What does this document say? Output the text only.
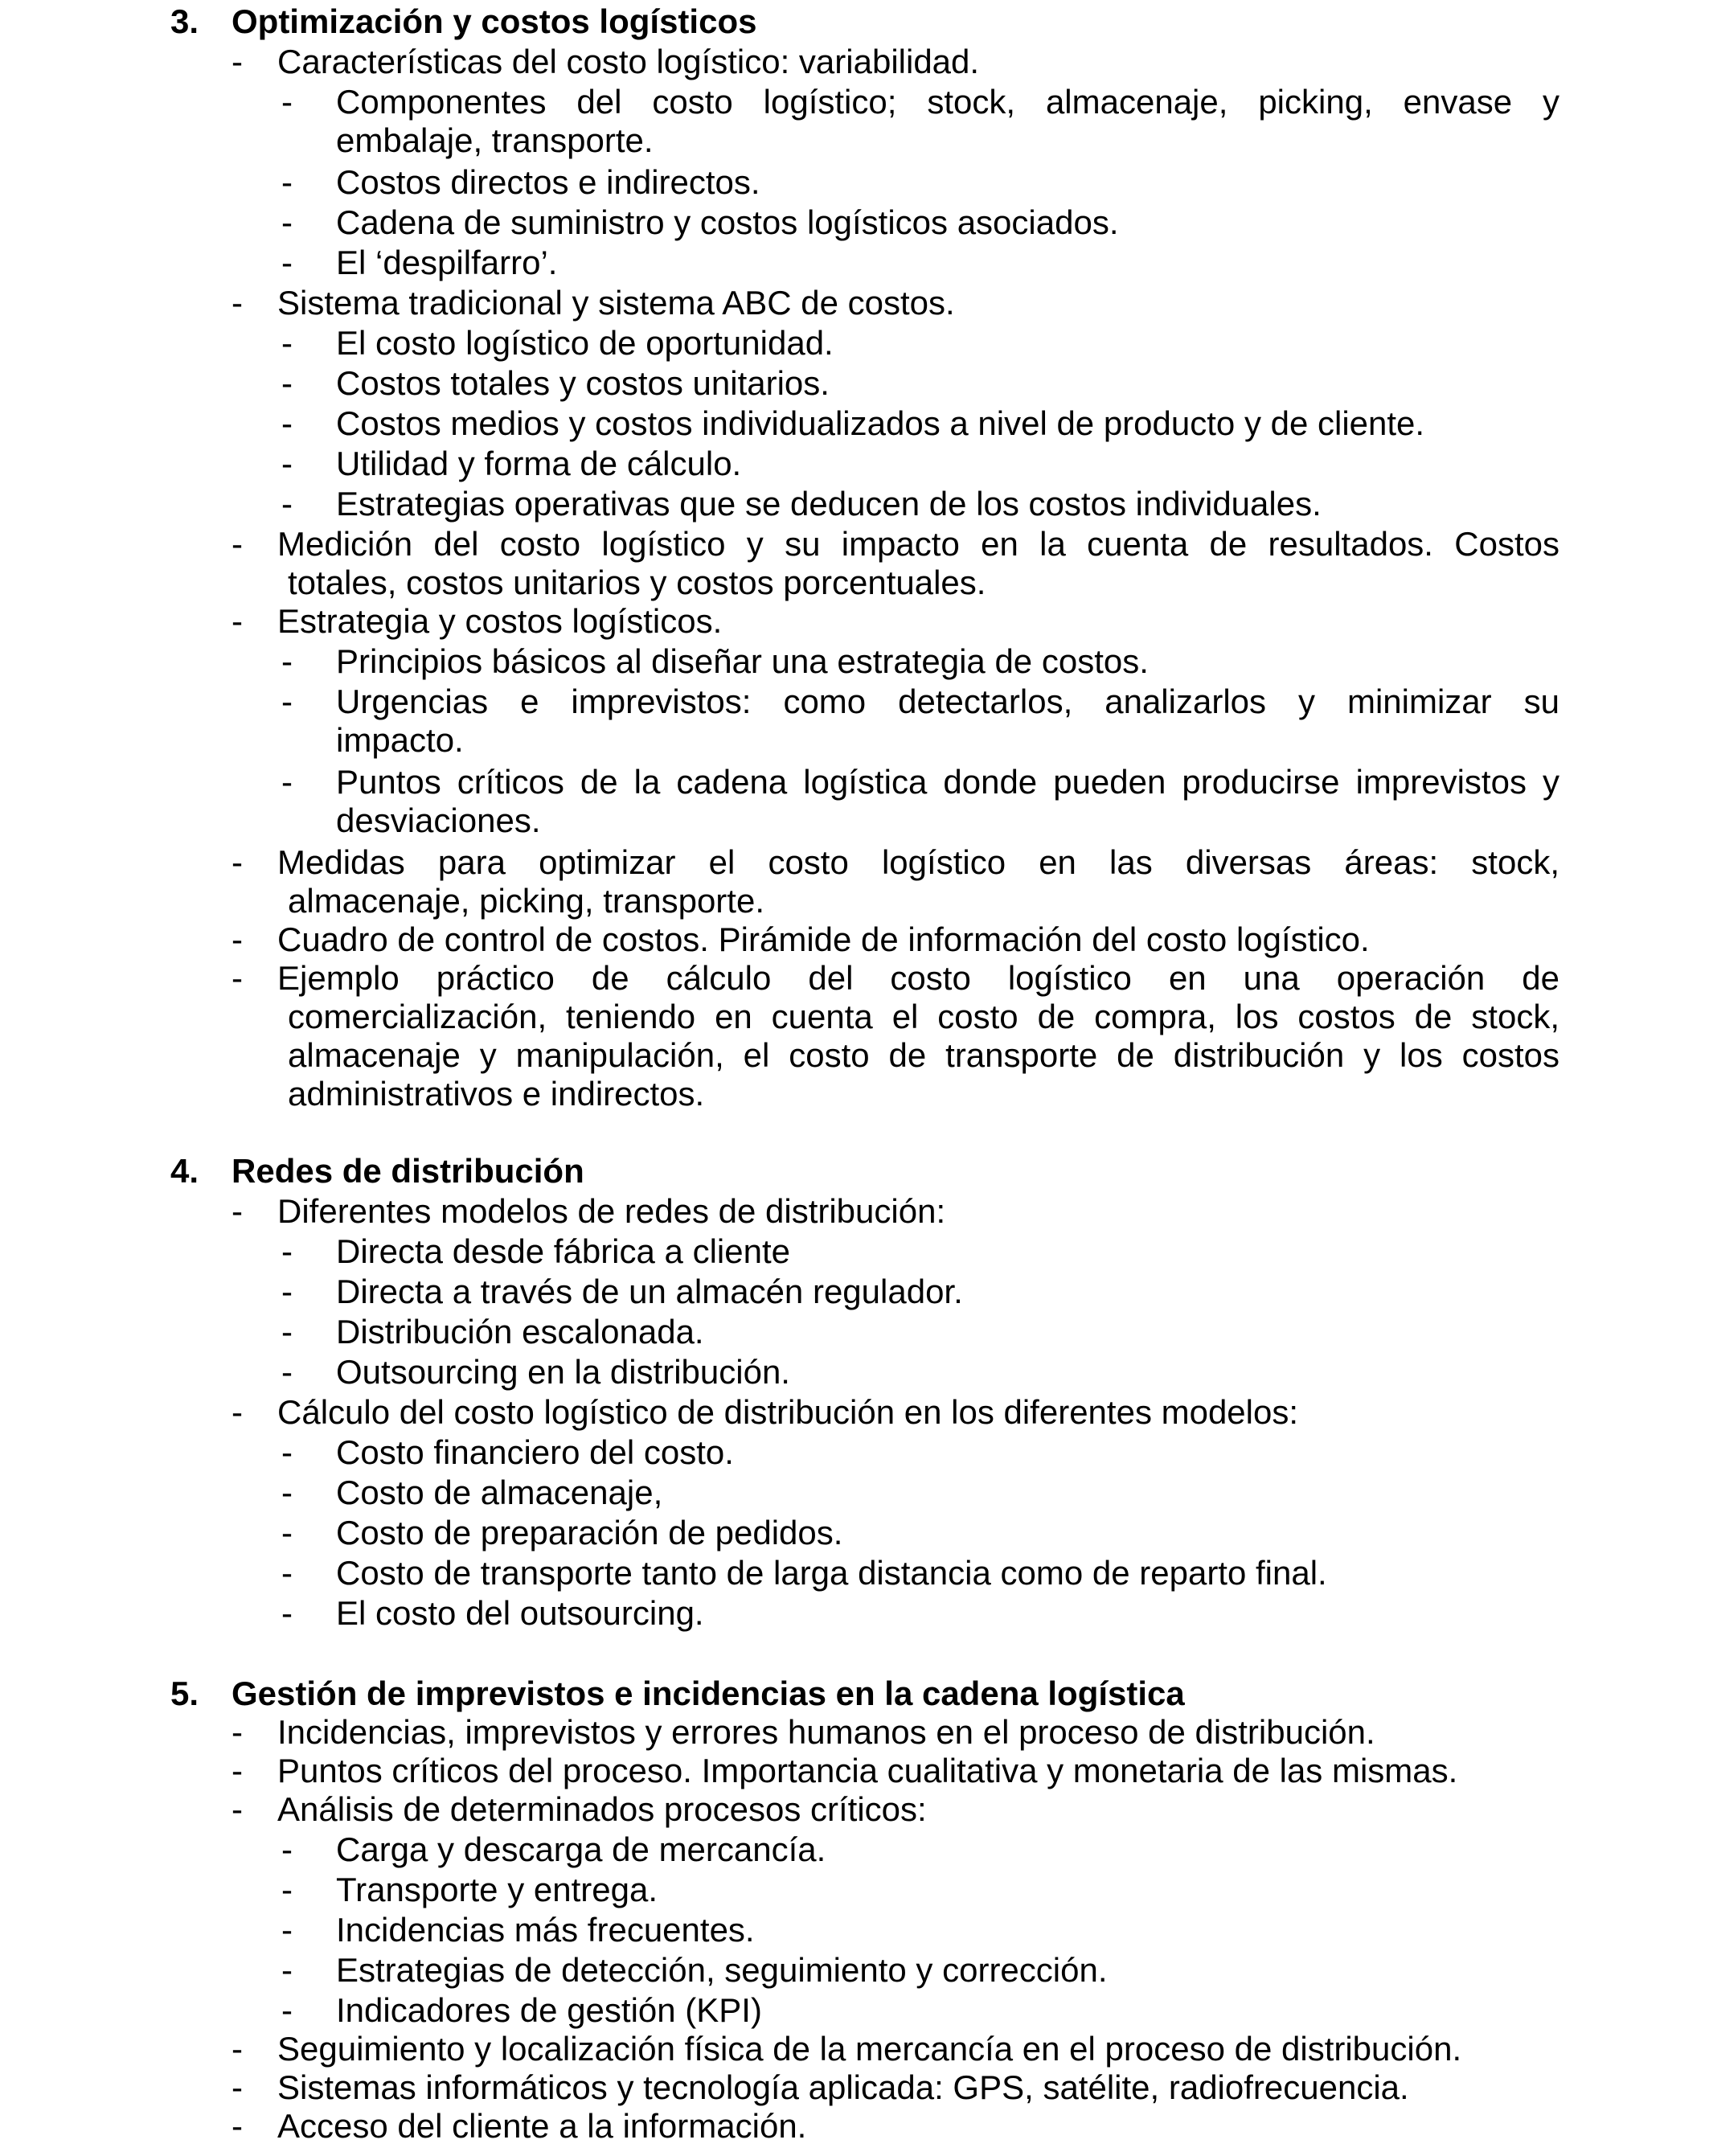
3. Optimización y costos logísticos
- Características del costo logístico: variabilidad.
- Componentes del costo logístico; stock, almacenaje, picking, envase y
embalaje, transporte.
- Costos directos e indirectos.
- Cadena de suministro y costos logísticos asociados.
- El ‘despilfarro’.
- Sistema tradicional y sistema ABC de costos.
- El costo logístico de oportunidad.
- Costos totales y costos unitarios.
- Costos medios y costos individualizados a nivel de producto y de cliente.
- Utilidad y forma de cálculo.
- Estrategias operativas que se deducen de los costos individuales.
- Medición del costo logístico y su impacto en la cuenta de resultados. Costos
totales, costos unitarios y costos porcentuales.
- Estrategia y costos logísticos.
- Principios básicos al diseñar una estrategia de costos.
- Urgencias e imprevistos: como detectarlos, analizarlos y minimizar su
impacto.
- Puntos críticos de la cadena logística donde pueden producirse imprevistos y
desviaciones.
- Medidas para optimizar el costo logístico en las diversas áreas: stock,
almacenaje, picking, transporte.
- Cuadro de control de costos. Pirámide de información del costo logístico.
- Ejemplo práctico de cálculo del costo logístico en una operación de
comercialización, teniendo en cuenta el costo de compra, los costos de stock,
almacenaje y manipulación, el costo de transporte de distribución y los costos
administrativos e indirectos.
4. Redes de distribución
- Diferentes modelos de redes de distribución:
- Directa desde fábrica a cliente
- Directa a través de un almacén regulador.
- Distribución escalonada.
- Outsourcing en la distribución.
- Cálculo del costo logístico de distribución en los diferentes modelos:
- Costo financiero del costo.
- Costo de almacenaje,
- Costo de preparación de pedidos.
- Costo de transporte tanto de larga distancia como de reparto final.
- El costo del outsourcing.
5. Gestión de imprevistos e incidencias en la cadena logística
- Incidencias, imprevistos y errores humanos en el proceso de distribución.
- Puntos críticos del proceso. Importancia cualitativa y monetaria de las mismas.
- Análisis de determinados procesos críticos:
- Carga y descarga de mercancía.
- Transporte y entrega.
- Incidencias más frecuentes.
- Estrategias de detección, seguimiento y corrección.
- Indicadores de gestión (KPI)
- Seguimiento y localización física de la mercancía en el proceso de distribución.
- Sistemas informáticos y tecnología aplicada: GPS, satélite, radiofrecuencia.
- Acceso del cliente a la información.
